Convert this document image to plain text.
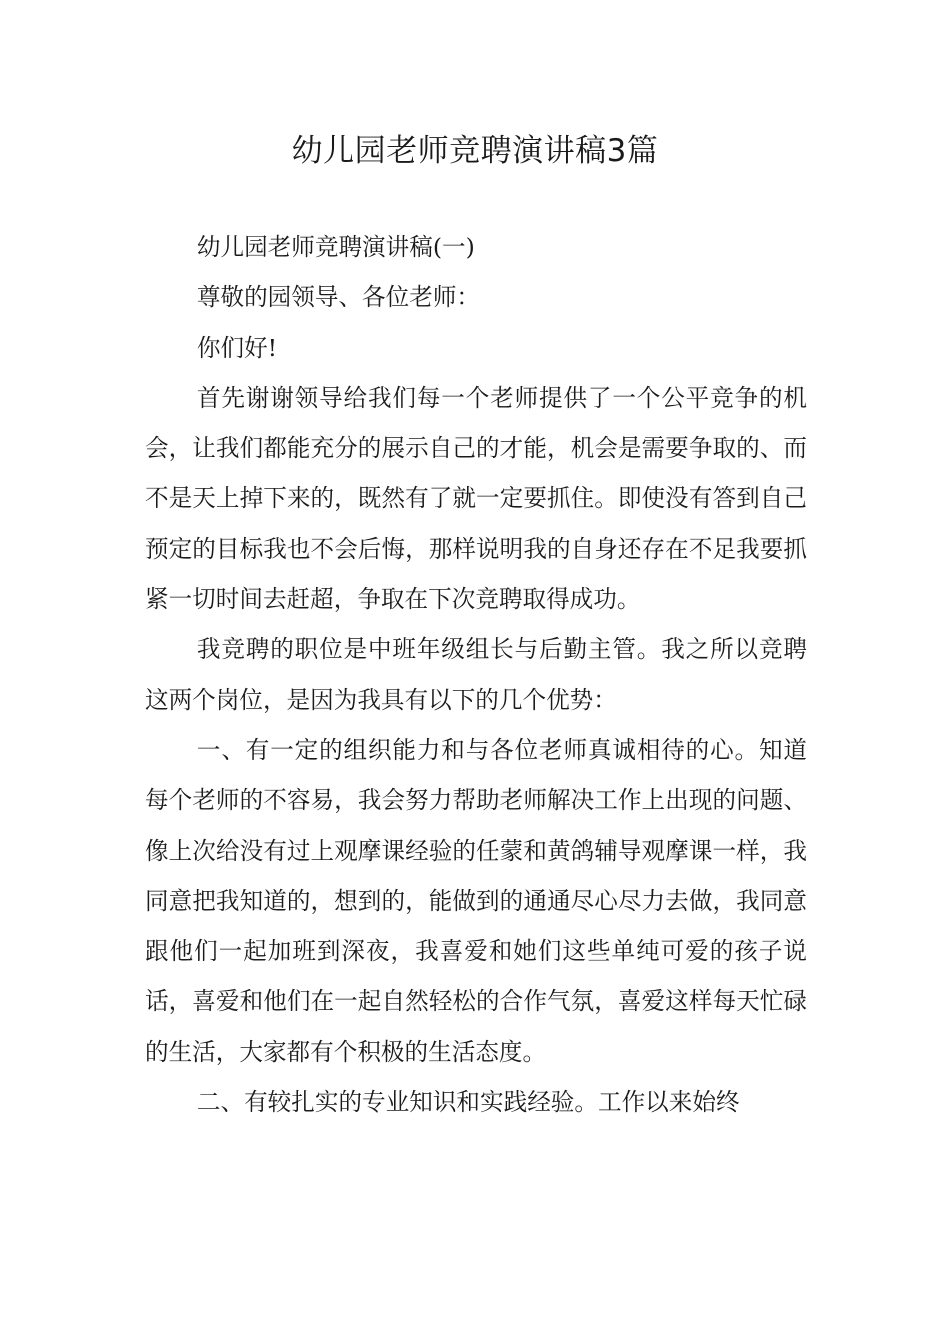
幼儿园老师竞聘演讲稿3篇

幼儿园老师竞聘演讲稿(一)

尊敬的园领导、各位老师：

你们好!

首先谢谢领导给我们每一个老师提供了一个公平竞争的机会，让我们都能充分的展示自己的才能，机会是需要争取的、而不是天上掉下来的，既然有了就一定要抓住。即使没有答到自己预定的目标我也不会后悔，那样说明我的自身还存在不足我要抓紧一切时间去赶超，争取在下次竞聘取得成功。

我竞聘的职位是中班年级组长与后勤主管。我之所以竞聘这两个岗位，是因为我具有以下的几个优势：

一、有一定的组织能力和与各位老师真诚相待的心。知道每个老师的不容易，我会努力帮助老师解决工作上出现的问题、像上次给没有过上观摩课经验的任蒙和黄鸽辅导观摩课一样，我同意把我知道的，想到的，能做到的通通尽心尽力去做，我同意跟他们一起加班到深夜，我喜爱和她们这些单纯可爱的孩子说话，喜爱和他们在一起自然轻松的合作气氛，喜爱这样每天忙碌的生活，大家都有个积极的生活态度。

二、有较扎实的专业知识和实践经验。工作以来始终
